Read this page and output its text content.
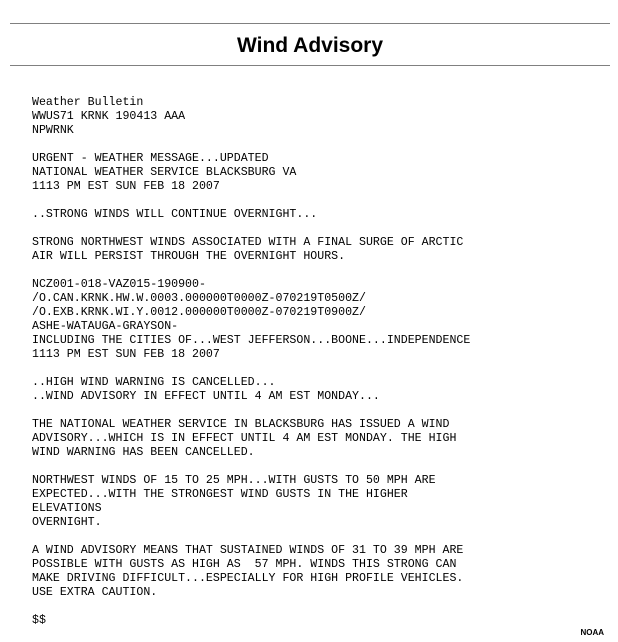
Wind Advisory
Weather Bulletin
WWUS71 KRNK 190413 AAA
NPWRNK
URGENT - WEATHER MESSAGE...UPDATED
NATIONAL WEATHER SERVICE BLACKSBURG VA
1113 PM EST SUN FEB 18 2007
..STRONG WINDS WILL CONTINUE OVERNIGHT...
STRONG NORTHWEST WINDS ASSOCIATED WITH A FINAL SURGE OF ARCTIC
AIR WILL PERSIST THROUGH THE OVERNIGHT HOURS.
NCZ001-018-VAZ015-190900-
/O.CAN.KRNK.HW.W.0003.000000T0000Z-070219T0500Z/
/O.EXB.KRNK.WI.Y.0012.000000T0000Z-070219T0900Z/
ASHE-WATAUGA-GRAYSON-
INCLUDING THE CITIES OF...WEST JEFFERSON...BOONE...INDEPENDENCE
1113 PM EST SUN FEB 18 2007
..HIGH WIND WARNING IS CANCELLED...
..WIND ADVISORY IN EFFECT UNTIL 4 AM EST MONDAY...
THE NATIONAL WEATHER SERVICE IN BLACKSBURG HAS ISSUED A WIND
ADVISORY...WHICH IS IN EFFECT UNTIL 4 AM EST MONDAY. THE HIGH
WIND WARNING HAS BEEN CANCELLED.
NORTHWEST WINDS OF 15 TO 25 MPH...WITH GUSTS TO 50 MPH ARE
EXPECTED...WITH THE STRONGEST WIND GUSTS IN THE HIGHER
ELEVATIONS
OVERNIGHT.
A WIND ADVISORY MEANS THAT SUSTAINED WINDS OF 31 TO 39 MPH ARE
POSSIBLE WITH GUSTS AS HIGH AS  57 MPH. WINDS THIS STRONG CAN
MAKE DRIVING DIFFICULT...ESPECIALLY FOR HIGH PROFILE VEHICLES.
USE EXTRA CAUTION.
$$
NOAA
